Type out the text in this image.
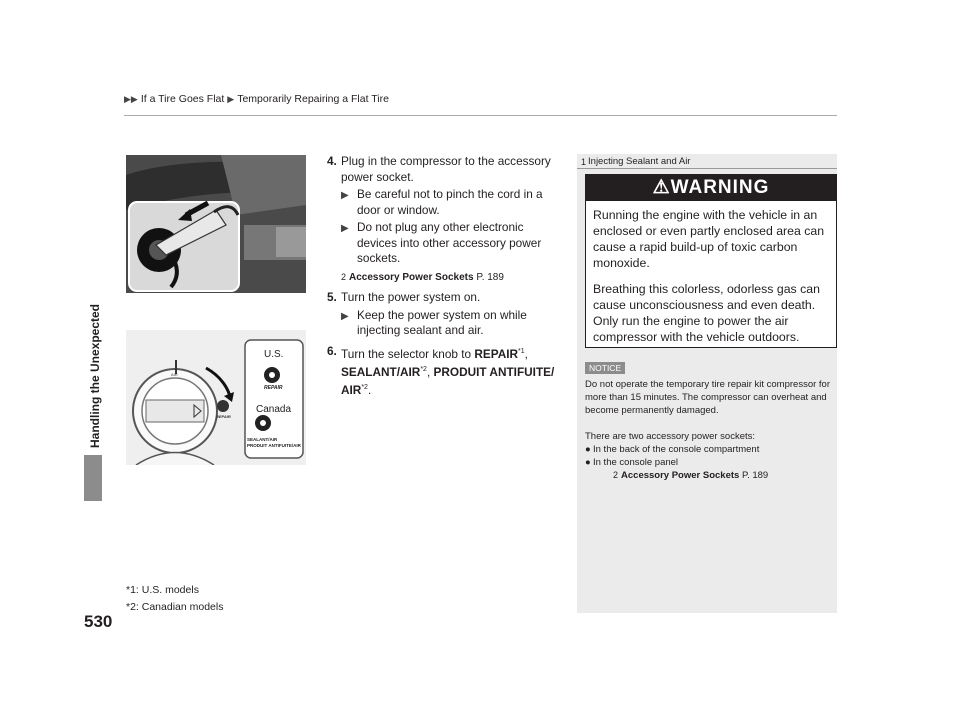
▶▶ If a Tire Goes Flat ▶ Temporarily Repairing a Flat Tire
Handling the Unexpected
530
AIR
REPAIR
REPAIR
SEALANT/AIR
PRODUIT ANTIFUITE/AIR
U.S.
Canada
4. Plug in the compressor to the accessory power socket.
▶ Be careful not to pinch the cord in a door or window.
▶ Do not plug any other electronic devices into other accessory power sockets.
2 Accessory Power Sockets P. 189
5. Turn the power system on.
▶ Keep the power system on while injecting sealant and air.
6. Turn the selector knob to REPAIR$^{*1}$, SEALANT/AIR$^{*2}$, PRODUIT ANTIFUITE/ AIR$^{*2}$.
*1: U.S. models
*2: Canadian models
1 Injecting Sealant and Air
⚠WARNING

Running the engine with the vehicle in an enclosed or even partly enclosed area can cause a rapid build-up of toxic carbon monoxide.

Breathing this colorless, odorless gas can cause unconsciousness and even death. Only run the engine to power the air compressor with the vehicle outdoors.

NOTICE

Do not operate the temporary tire repair kit compressor for more than 15 minutes. The compressor can overheat and become permanently damaged.

There are two accessory power sockets:

● In the back of the console compartment
● In the console panel
2 Accessory Power Sockets P. 189
